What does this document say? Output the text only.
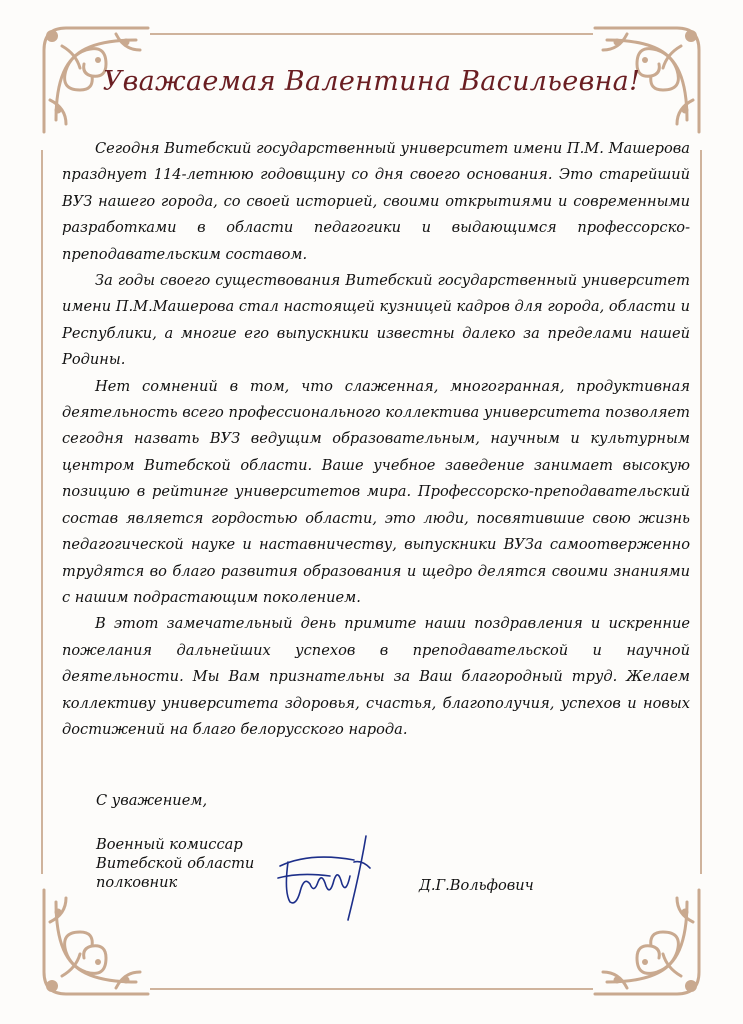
Уважаемая Валентина Васильевна!

Сегодня Витебский государственный университет имени П.М. Машерова празднует 114-летнюю годовщину со дня своего основания. Это старейший ВУЗ нашего города, со своей историей, своими открытиями и современными разработками в области педагогики и выдающимся профессорско-преподавательским составом.

За годы своего существования Витебский государственный университет имени П.М.Машерова стал настоящей кузницей кадров для города, области и Республики, а многие его выпускники известны далеко за пределами нашей Родины.

Нет сомнений в том, что слаженная, многогранная, продуктивная деятельность всего профессионального коллектива университета позволяет сегодня назвать ВУЗ ведущим образовательным, научным и культурным центром Витебской области. Ваше учебное заведение занимает высокую позицию в рейтинге университетов мира. Профессорско-преподавательский состав является гордостью области, это люди, посвятившие свою жизнь педагогической науке и наставничеству, выпускники ВУЗа самоотверженно трудятся во благо развития образования и щедро делятся своими знаниями с нашим подрастающим поколением.

В этот замечательный день примите наши поздравления и искренние пожелания дальнейших успехов в преподавательской и научной деятельности. Мы Вам признательны за Ваш благородный труд. Желаем коллективу университета здоровья, счастья, благополучия, успехов и новых достижений на благо белорусского народа.

С уважением,
Военный комиссар
Витебской области
полковник	Д.Г.Вольфович
